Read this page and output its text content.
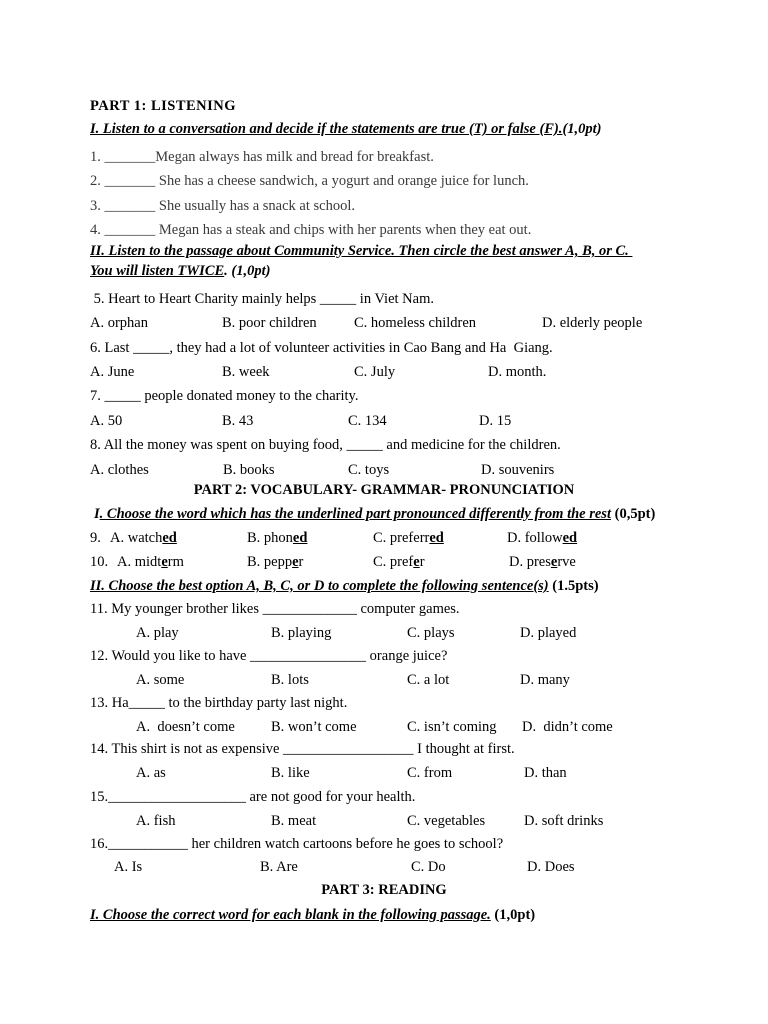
PART 1: LISTENING
I. Listen to a conversation and decide if the statements are true (T) or false (F).(1,0pt)
1. _______Megan always has milk and bread for breakfast.
2. _______ She has a cheese sandwich, a yogurt and orange juice for lunch.
3. _______ She usually has a snack at school.
4. _______ Megan has a steak and chips with her parents when they eat out.
II. Listen to the passage about Community Service. Then circle the best answer A, B, or C.
You will listen TWICE. (1,0pt)
5. Heart to Heart Charity mainly helps _____ in Viet Nam.
A. orphan	B. poor children	C. homeless children	D. elderly people
6. Last _____, they had a lot of volunteer activities in Cao Bang and Ha  Giang.
A. June	B. week	C. July	D. month.
7. _____ people donated money to the charity.
A. 50	B. 43	C. 134	D. 15
8. All the money was spent on buying food, _____ and medicine for the children.
A. clothes	B. books	C. toys	D. souvenirs
PART 2: VOCABULARY- GRAMMAR- PRONUNCIATION
I. Choose the word which has the underlined part pronounced differently from the rest (0,5pt)
9. A. watched	B. phoned	C. preferred	D. followed
10. A. midterm	B. pepper	C. prefer	D. preserve
II. Choose the best option A, B, C, or D to complete the following sentence(s) (1.5pts)
11. My younger brother likes _____________ computer games.
A. play	B. playing	C. plays	D. played
12. Would you like to have ________________ orange juice?
A. some	B. lots	C. a lot	D. many
13. Ha_____ to the birthday party last night.
A.  doesn’t come B. won’t come	C. isn’t coming D.  didn’t come
14. This shirt is not as expensive __________________ I thought at first.
A. as	B. like	C. from	D. than
15.___________________ are not good for your health.
A. fish	B. meat	C. vegetables	D. soft drinks
16.___________ her children watch cartoons before he goes to school?
A. Is	B. Are	C. Do	D. Does
PART 3: READING
I. Choose the correct word for each blank in the following passage. (1,0pt)
